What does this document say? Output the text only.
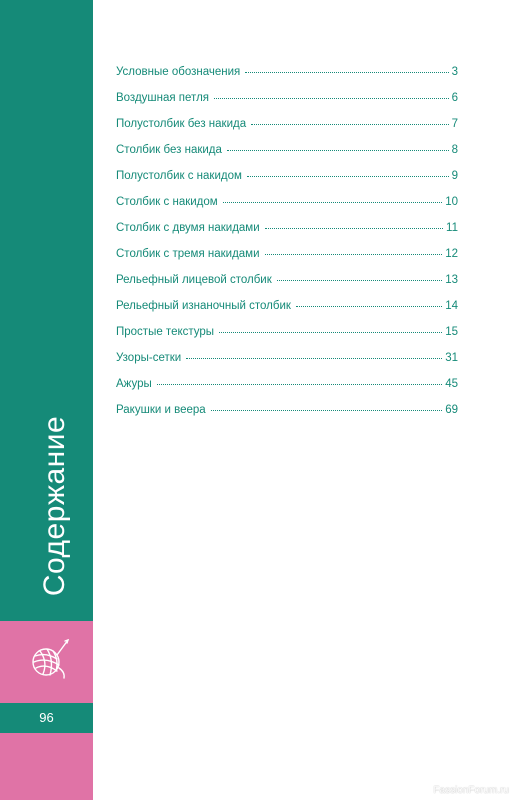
96
Содержание
Условные обозначения	3
Воздушная петля	6
Полустолбик без накида	7
Столбик без накида	8
Полустолбик с накидом	9
Столбик с накидом	10
Столбик с двумя накидами	11
Столбик с тремя накидами	12
Рельефный лицевой столбик	13
Рельефный изнаночный столбик	14
Простые текстуры	15
Узоры-сетки	31
Ажуры	45
Ракушки и веера	69
FassionForum.ru
